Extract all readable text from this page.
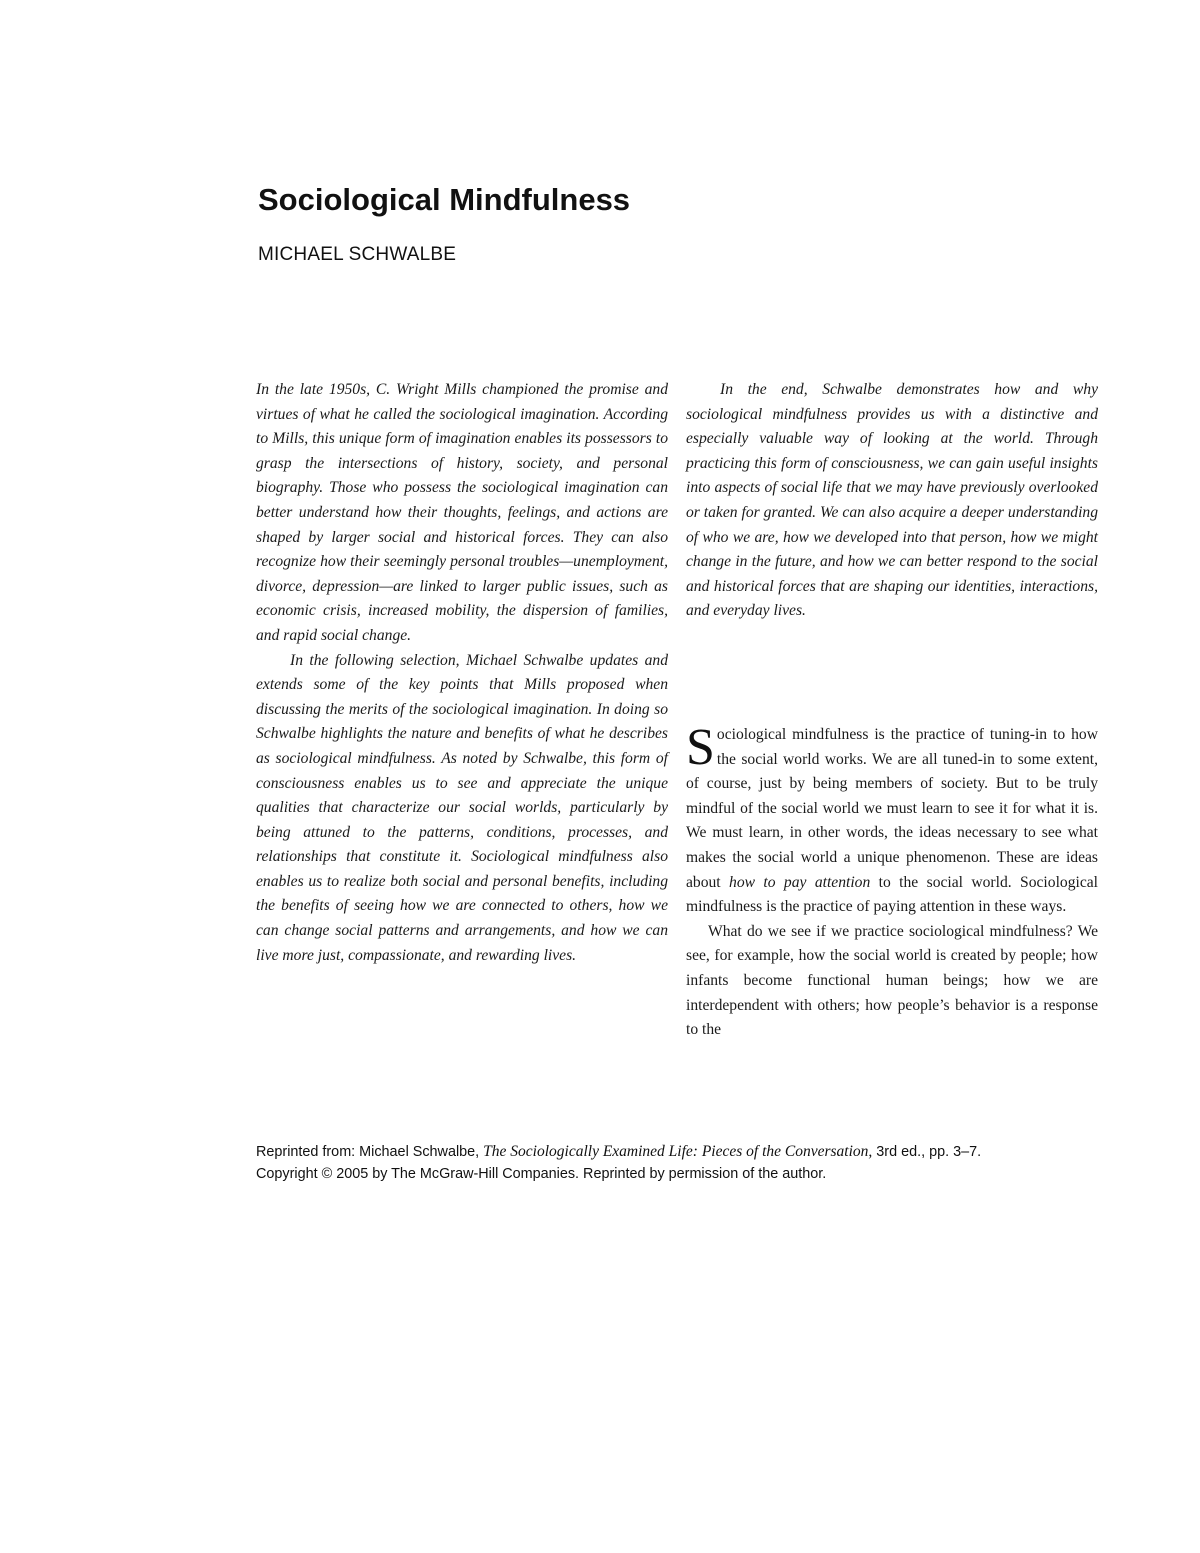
Sociological Mindfulness
MICHAEL SCHWALBE

In the late 1950s, C. Wright Mills championed the promise and virtues of what he called the sociological imagination. According to Mills, this unique form of imagination enables its possessors to grasp the intersections of history, society, and personal biography. Those who possess the sociological imagination can better understand how their thoughts, feelings, and actions are shaped by larger social and historical forces. They can also recognize how their seemingly personal troubles—unemployment, divorce, depression—are linked to larger public issues, such as economic crisis, increased mobility, the dispersion of families, and rapid social change.

In the following selection, Michael Schwalbe updates and extends some of the key points that Mills proposed when discussing the merits of the sociological imagination. In doing so Schwalbe highlights the nature and benefits of what he describes as sociological mindfulness. As noted by Schwalbe, this form of consciousness enables us to see and appreciate the unique qualities that characterize our social worlds, particularly by being attuned to the patterns, conditions, processes, and relationships that constitute it. Sociological mindfulness also enables us to realize both social and personal benefits, including the benefits of seeing how we are connected to others, how we can change social patterns and arrangements, and how we can live more just, compassionate, and rewarding lives.

In the end, Schwalbe demonstrates how and why sociological mindfulness provides us with a distinctive and especially valuable way of looking at the world. Through practicing this form of consciousness, we can gain useful insights into aspects of social life that we may have previously overlooked or taken for granted. We can also acquire a deeper understanding of who we are, how we developed into that person, how we might change in the future, and how we can better respond to the social and historical forces that are shaping our identities, interactions, and everyday lives.

Sociological mindfulness is the practice of tuning-in to how the social world works. We are all tuned-in to some extent, of course, just by being members of society. But to be truly mindful of the social world we must learn to see it for what it is. We must learn, in other words, the ideas necessary to see what makes the social world a unique phenomenon. These are ideas about how to pay attention to the social world. Sociological mindfulness is the practice of paying attention in these ways.

What do we see if we practice sociological mindfulness? We see, for example, how the social world is created by people; how infants become functional human beings; how we are interdependent with others; how people’s behavior is a response to the

Reprinted from: Michael Schwalbe, The Sociologically Examined Life: Pieces of the Conversation, 3rd ed., pp. 3–7.
Copyright © 2005 by The McGraw-Hill Companies. Reprinted by permission of the author.
